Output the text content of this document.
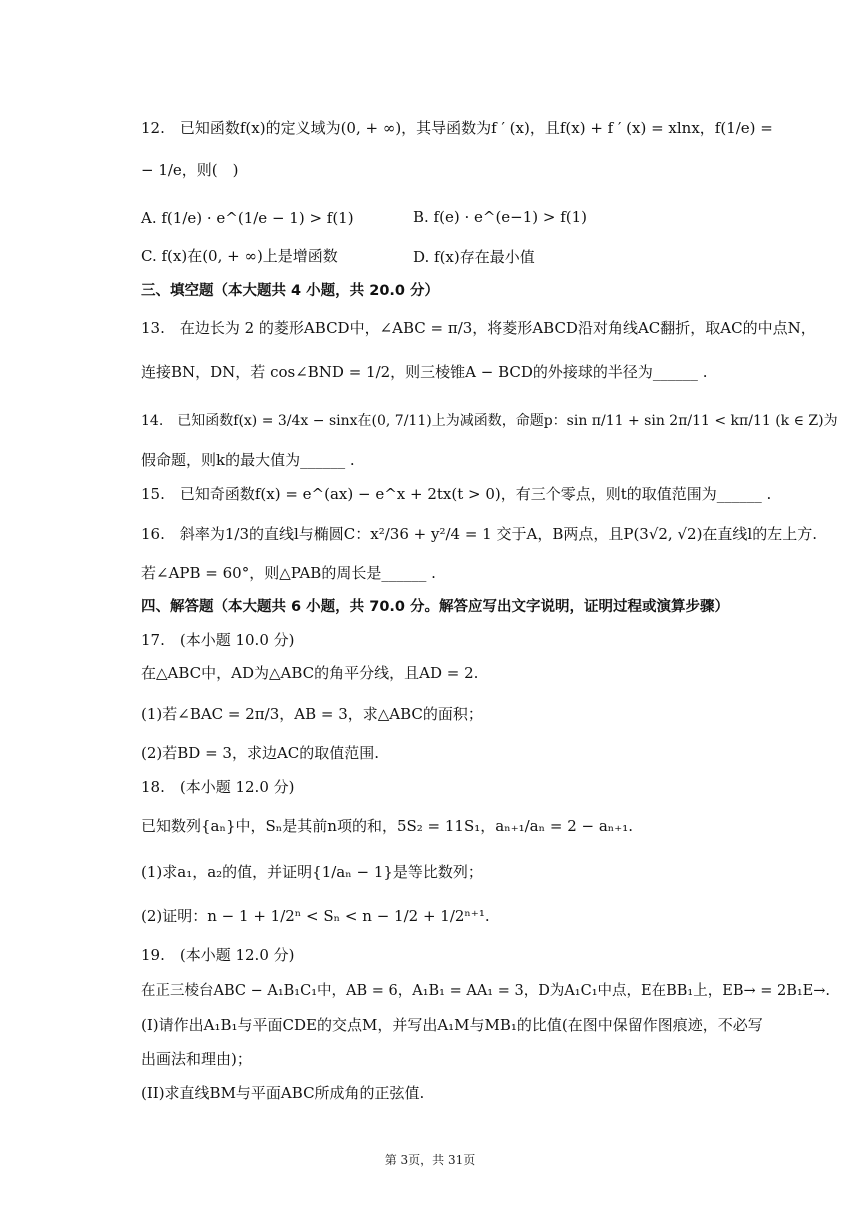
12.　已知函数f(x)的定义域为(0, + ∞)，其导函数为f ′ (x)，且f(x) + f ′ (x) = xlnx，f(1/e) =
− 1/e，则(　)
A. f(1/e) · e^(1/e − 1) > f(1)	B. f(e) · e^(e−1) > f(1)
C. f(x)在(0, + ∞)上是增函数	D. f(x)存在最小值
三、填空题（本大题共 4 小题，共 20.0 分）
13.　在边长为 2 的菱形ABCD中，∠ABC = π/3，将菱形ABCD沿对角线AC翻折，取AC的中点N，
连接BN，DN，若 cos∠BND = 1/2，则三棱锥A − BCD的外接球的半径为______ .
14.　已知函数f(x) = 3/4x − sinx在(0, 7/11)上为减函数，命题p：sin π/11 + sin 2π/11 < kπ/11 (k ∈ Z)为
假命题，则k的最大值为______ .
15.　已知奇函数f(x) = e^(ax) − e^x + 2tx(t > 0)，有三个零点，则t的取值范围为______ .
16.　斜率为1/3的直线l与椭圆C：x²/36 + y²/4 = 1 交于A，B两点，且P(3√2, √2)在直线l的左上方.
若∠APB = 60°，则△PAB的周长是______ .
四、解答题（本大题共 6 小题，共 70.0 分。解答应写出文字说明，证明过程或演算步骤）
17.　(本小题 10.0 分)
在△ABC中，AD为△ABC的角平分线，且AD = 2.
(1)若∠BAC = 2π/3，AB = 3，求△ABC的面积；
(2)若BD = 3，求边AC的取值范围.
18.　(本小题 12.0 分)
已知数列{aₙ}中，Sₙ是其前n项的和，5S₂ = 11S₁，aₙ₊₁/aₙ = 2 − aₙ₊₁.
(1)求a₁，a₂的值，并证明{1/aₙ − 1}是等比数列；
(2)证明：n − 1 + 1/2ⁿ < Sₙ < n − 1/2 + 1/2ⁿ⁺¹.
19.　(本小题 12.0 分)
在正三棱台ABC − A₁B₁C₁中，AB = 6，A₁B₁ = AA₁ = 3，D为A₁C₁中点，E在BB₁上，EB→ = 2B₁E→.
(I)请作出A₁B₁与平面CDE的交点M，并写出A₁M与MB₁的比值(在图中保留作图痕迹，不必写
出画法和理由)；
(II)求直线BM与平面ABC所成角的正弦值.
第 3页，共 31页
